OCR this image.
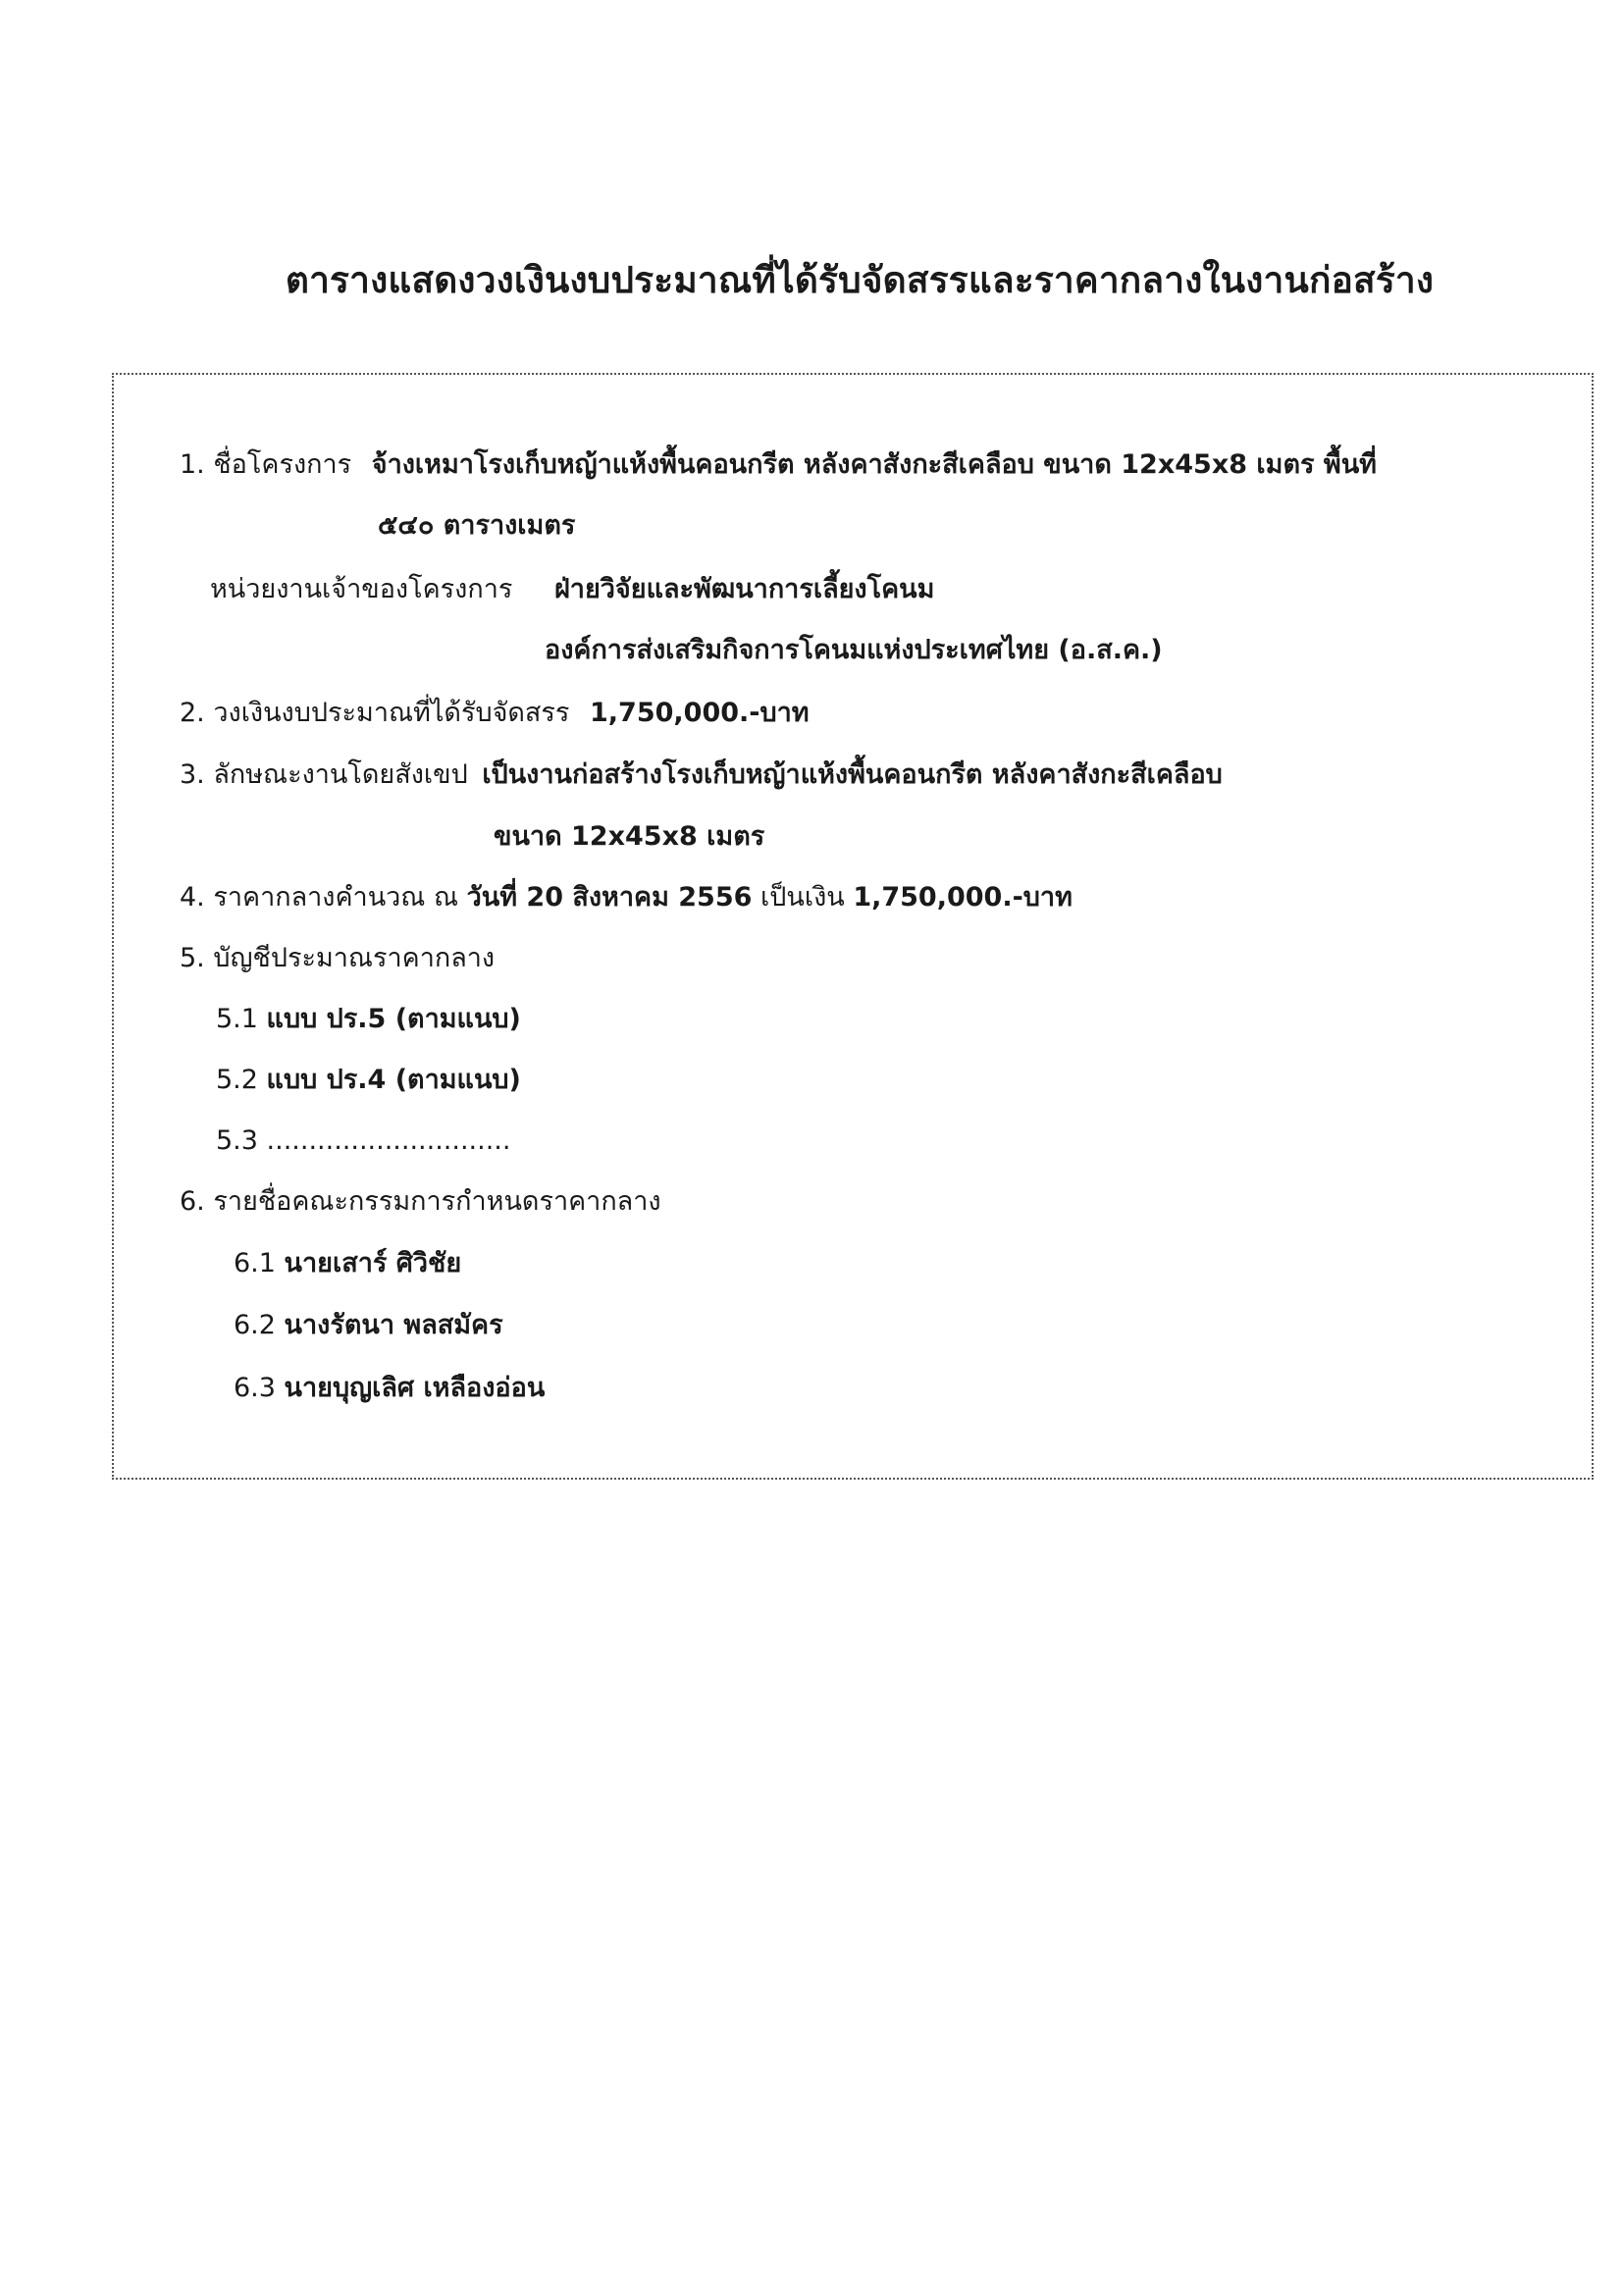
ตารางแสดงวงเงินงบประมาณที่ได้รับจัดสรรและราคากลางในงานก่อสร้าง
1. ชื่อโครงการ จ้างเหมาโรงเก็บหญ้าแห้งพื้นคอนกรีต หลังคาสังกะสีเคลือบ ขนาด 12x45x8 เมตร พื้นที่
๕๔๐ ตารางเมตร
หน่วยงานเจ้าของโครงการ ฝ่ายวิจัยและพัฒนาการเลี้ยงโคนม
องค์การส่งเสริมกิจการโคนมแห่งประเทศไทย (อ.ส.ค.)
2. วงเงินงบประมาณที่ได้รับจัดสรร 1,750,000.-บาท
3. ลักษณะงานโดยสังเขป เป็นงานก่อสร้างโรงเก็บหญ้าแห้งพื้นคอนกรีต หลังคาสังกะสีเคลือบ
ขนาด 12x45x8 เมตร
4. ราคากลางคำนวณ ณ วันที่ 20 สิงหาคม 2556 เป็นเงิน 1,750,000.-บาท
5. บัญชีประมาณราคากลาง
5.1 แบบ ปร.5 (ตามแนบ)
5.2 แบบ ปร.4 (ตามแนบ)
5.3 .............................
6. รายชื่อคณะกรรมการกำหนดราคากลาง
6.1 นายเสาร์ ศิวิชัย
6.2 นางรัตนา พลสมัคร
6.3 นายบุญเลิศ เหลืองอ่อน
